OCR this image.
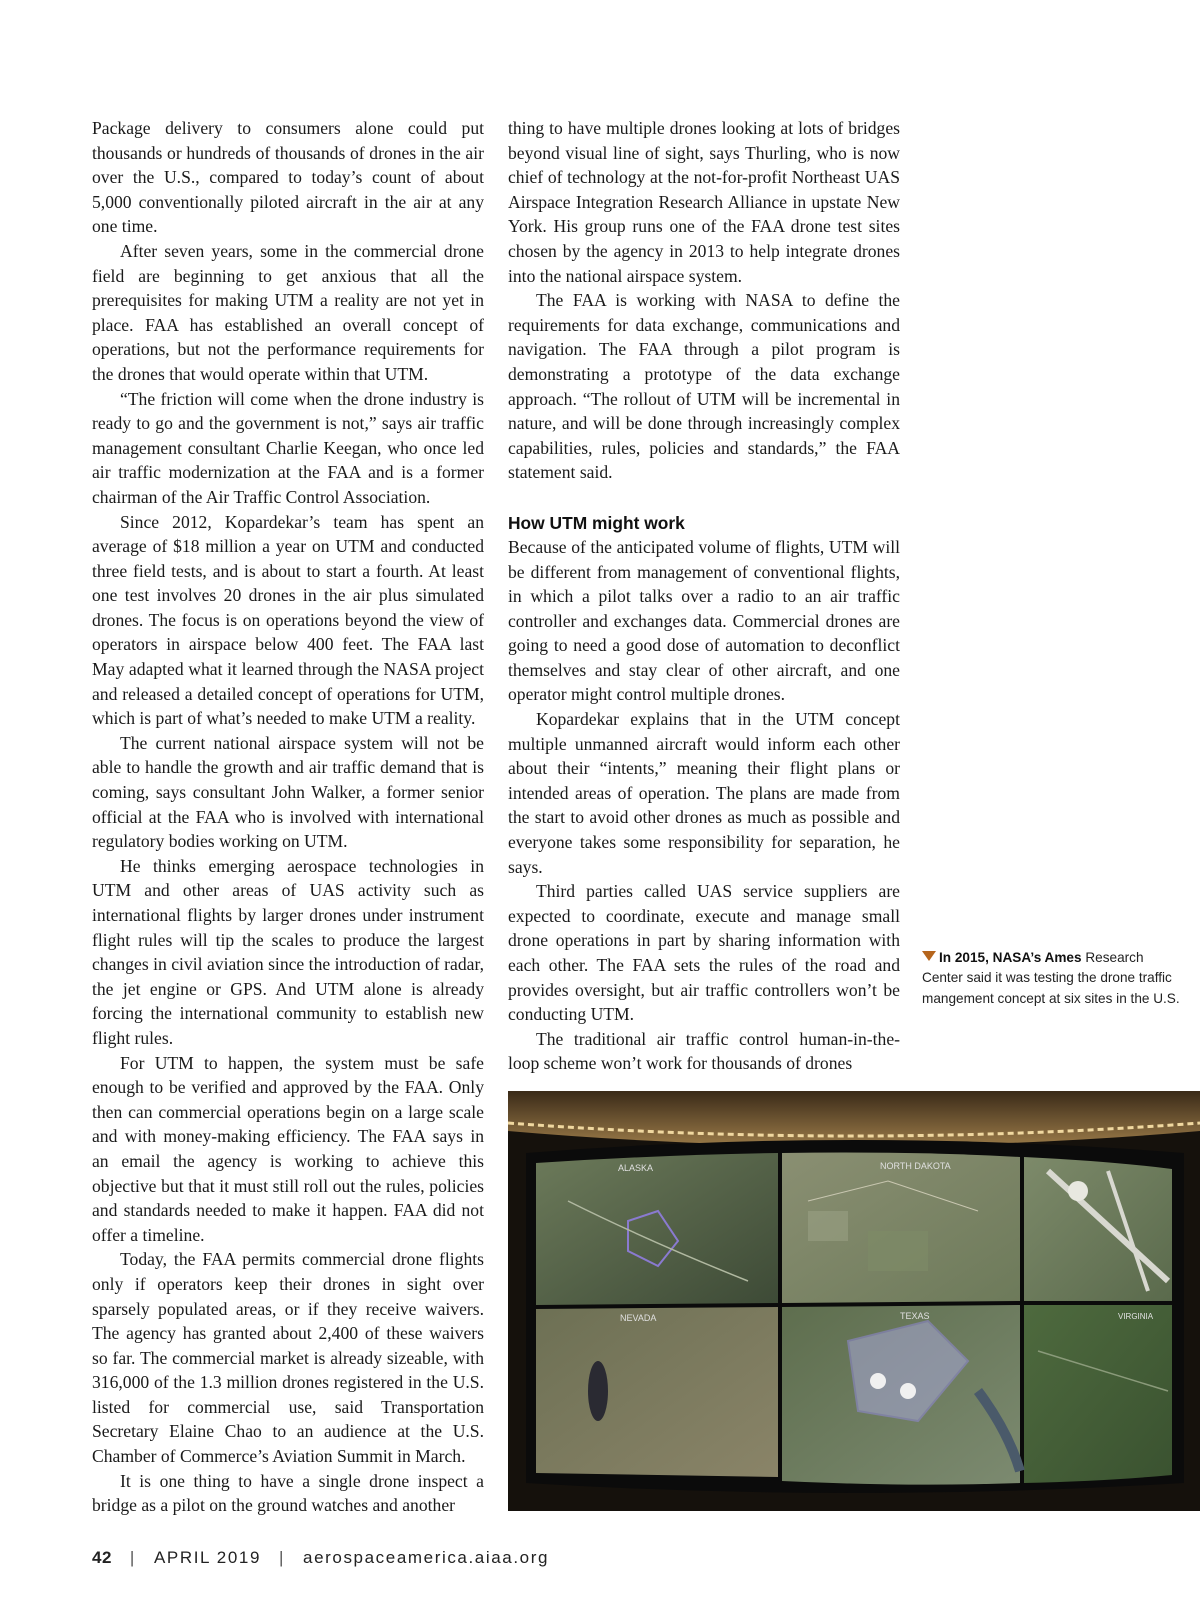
Package delivery to consumers alone could put thousands or hundreds of thousands of drones in the air over the U.S., compared to today’s count of about 5,000 conventionally piloted aircraft in the air at any one time.

After seven years, some in the commercial drone field are beginning to get anxious that all the prerequisites for making UTM a reality are not yet in place. FAA has established an overall concept of operations, but not the performance requirements for the drones that would operate within that UTM.

“The friction will come when the drone industry is ready to go and the government is not,” says air traffic management consultant Charlie Keegan, who once led air traffic modernization at the FAA and is a former chairman of the Air Traffic Control Association.

Since 2012, Kopardekar’s team has spent an average of $18 million a year on UTM and conducted three field tests, and is about to start a fourth. At least one test involves 20 drones in the air plus simulated drones. The focus is on operations beyond the view of operators in airspace below 400 feet. The FAA last May adapted what it learned through the NASA project and released a detailed concept of operations for UTM, which is part of what’s needed to make UTM a reality.

The current national airspace system will not be able to handle the growth and air traffic demand that is coming, says consultant John Walker, a former senior official at the FAA who is involved with international regulatory bodies working on UTM.

He thinks emerging aerospace technologies in UTM and other areas of UAS activity such as international flights by larger drones under instrument flight rules will tip the scales to produce the largest changes in civil aviation since the introduction of radar, the jet engine or GPS. And UTM alone is already forcing the international community to establish new flight rules.

For UTM to happen, the system must be safe enough to be verified and approved by the FAA. Only then can commercial operations begin on a large scale and with money-making efficiency. The FAA says in an email the agency is working to achieve this objective but that it must still roll out the rules, policies and standards needed to make it happen. FAA did not offer a timeline.

Today, the FAA permits commercial drone flights only if operators keep their drones in sight over sparsely populated areas, or if they receive waivers. The agency has granted about 2,400 of these waivers so far. The commercial market is already sizeable, with 316,000 of the 1.3 million drones registered in the U.S. listed for commercial use, said Transportation Secretary Elaine Chao to an audience at the U.S. Chamber of Commerce’s Aviation Summit in March.

It is one thing to have a single drone inspect a bridge as a pilot on the ground watches and another

thing to have multiple drones looking at lots of bridges beyond visual line of sight, says Thurling, who is now chief of technology at the not-for-profit Northeast UAS Airspace Integration Research Alliance in upstate New York. His group runs one of the FAA drone test sites chosen by the agency in 2013 to help integrate drones into the national airspace system.

The FAA is working with NASA to define the requirements for data exchange, communications and navigation. The FAA through a pilot program is demonstrating a prototype of the data exchange approach. “The rollout of UTM will be incremental in nature, and will be done through increasingly complex capabilities, rules, policies and standards,” the FAA statement said.

How UTM might work

Because of the anticipated volume of flights, UTM will be different from management of conventional flights, in which a pilot talks over a radio to an air traffic controller and exchanges data. Commercial drones are going to need a good dose of automation to deconflict themselves and stay clear of other aircraft, and one operator might control multiple drones.

Kopardekar explains that in the UTM concept multiple unmanned aircraft would inform each other about their “intents,” meaning their flight plans or intended areas of operation. The plans are made from the start to avoid other drones as much as possible and everyone takes some responsibility for separation, he says.

Third parties called UAS service suppliers are expected to coordinate, execute and manage small drone operations in part by sharing information with each other. The FAA sets the rules of the road and provides oversight, but air traffic controllers won’t be conducting UTM.

The traditional air traffic control human-in-the-loop scheme won’t work for thousands of drones

In 2015, NASA’s Ames Research Center said it was testing the drone traffic mangement concept at six sites in the U.S.
ALASKA	NORTH DAKOTA
NEVADA	TEXAS	VIRGINIA
42 | APRIL 2019 | aerospaceamerica.aiaa.org
